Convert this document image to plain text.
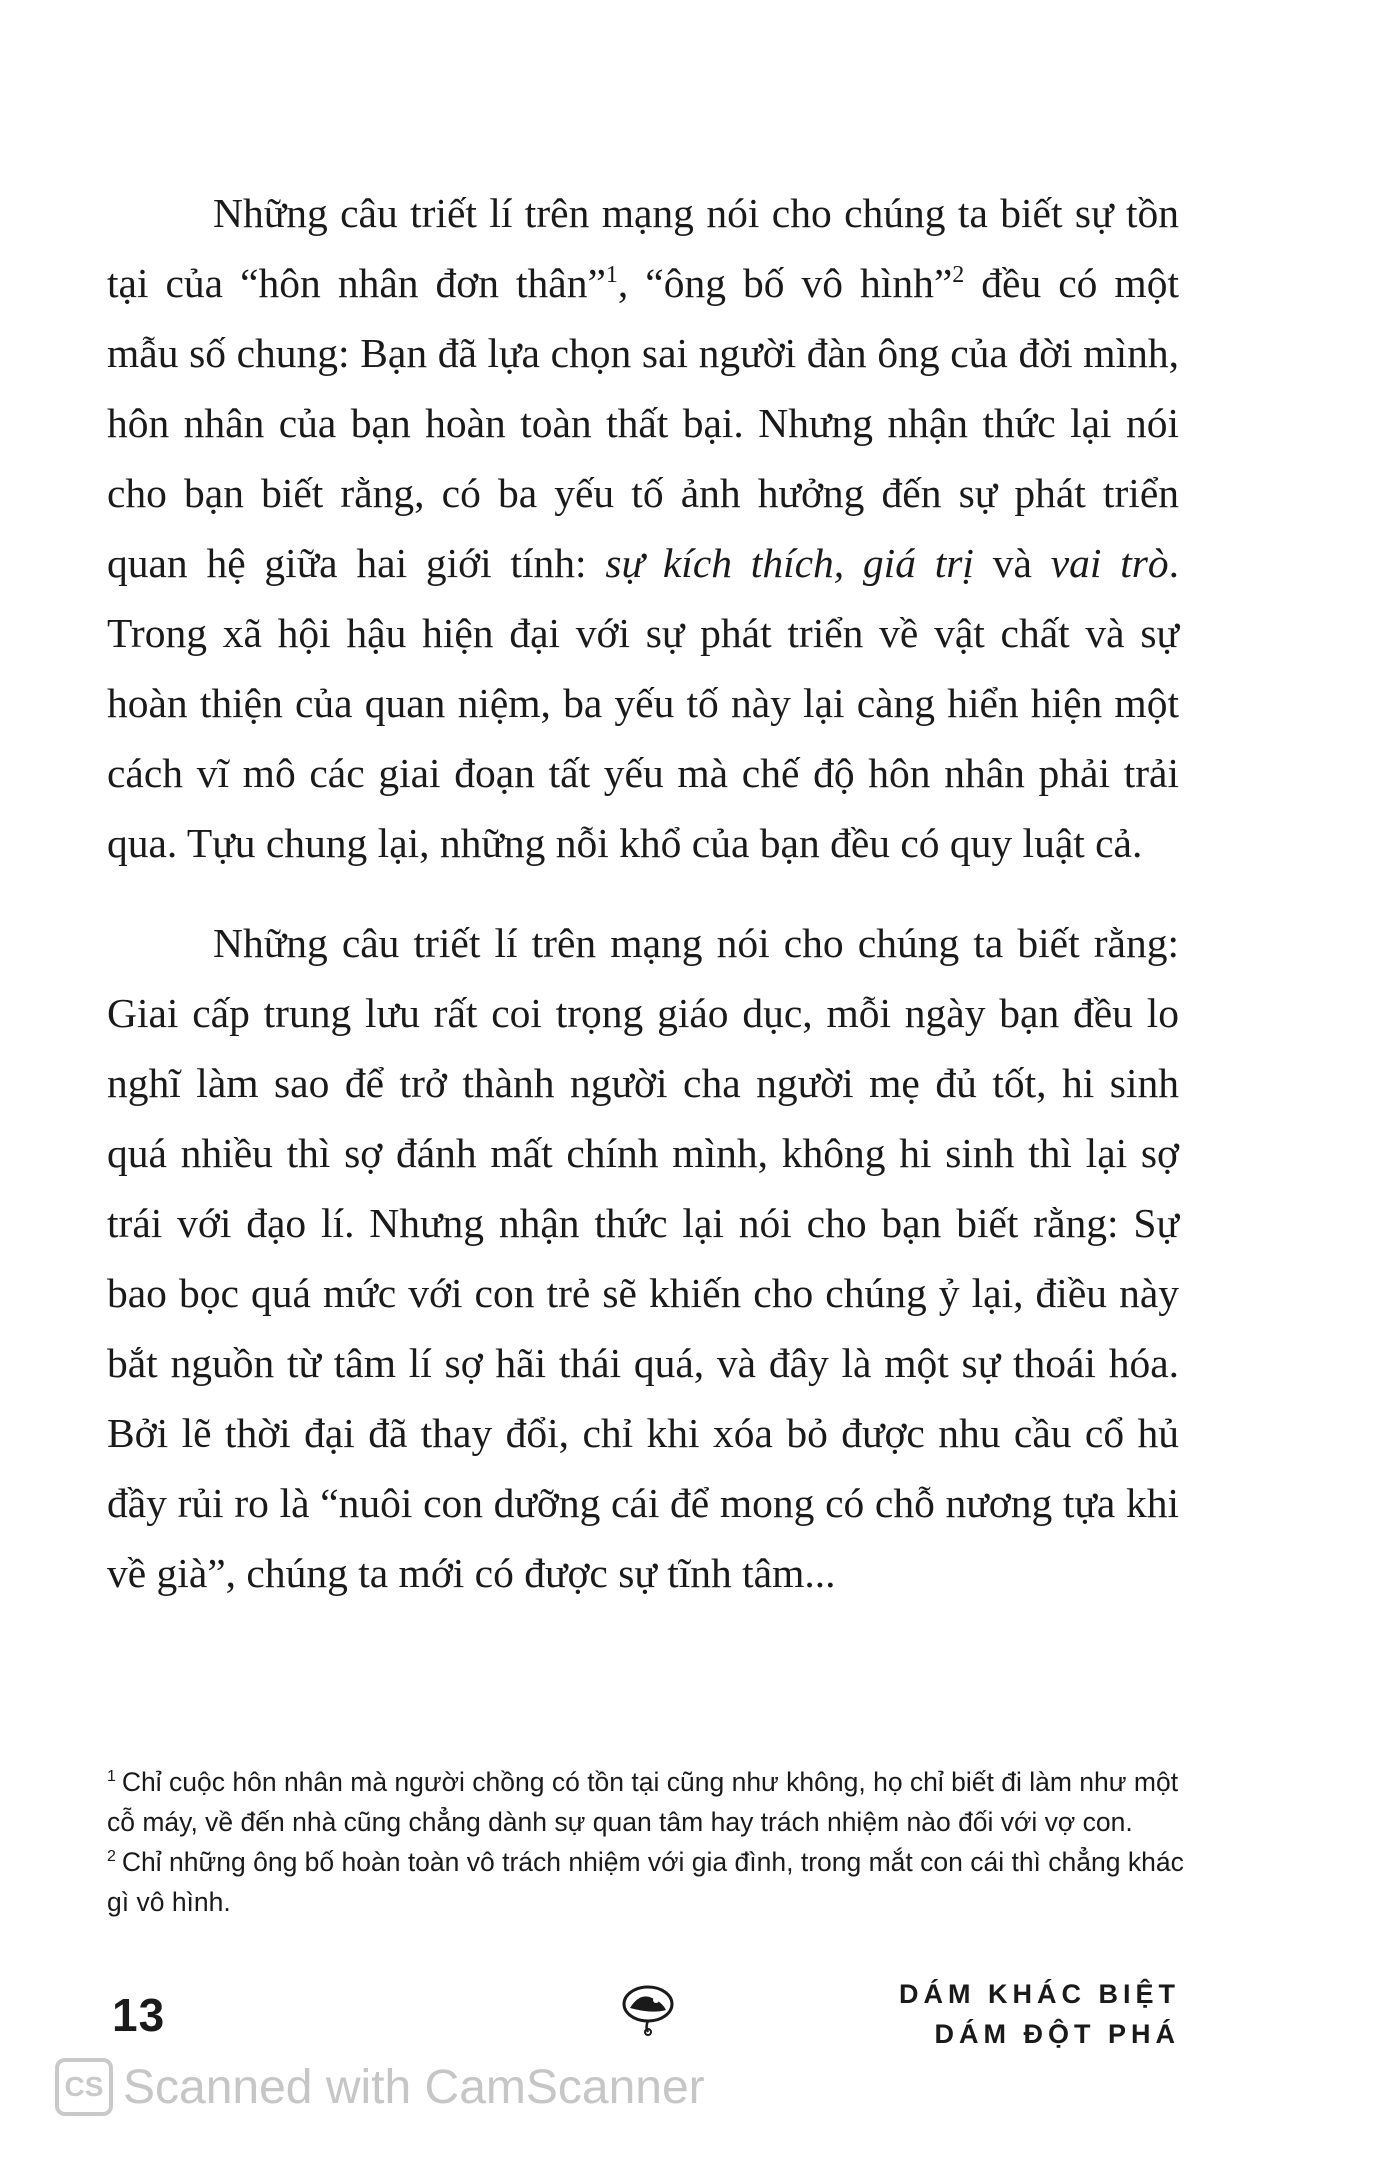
Những câu triết lí trên mạng nói cho chúng ta biết sự tồn tại của “hôn nhân đơn thân”$^1$, “ông bố vô hình”$^2$ đều có một mẫu số chung: Bạn đã lựa chọn sai người đàn ông của đời mình, hôn nhân của bạn hoàn toàn thất bại. Nhưng nhận thức lại nói cho bạn biết rằng, có ba yếu tố ảnh hưởng đến sự phát triển quan hệ giữa hai giới tính: sự kích thích, giá trị và vai trò. Trong xã hội hậu hiện đại với sự phát triển về vật chất và sự hoàn thiện của quan niệm, ba yếu tố này lại càng hiển hiện một cách vĩ mô các giai đoạn tất yếu mà chế độ hôn nhân phải trải qua. Tựu chung lại, những nỗi khổ của bạn đều có quy luật cả.

Những câu triết lí trên mạng nói cho chúng ta biết rằng: Giai cấp trung lưu rất coi trọng giáo dục, mỗi ngày bạn đều lo nghĩ làm sao để trở thành người cha người mẹ đủ tốt, hi sinh quá nhiều thì sợ đánh mất chính mình, không hi sinh thì lại sợ trái với đạo lí. Nhưng nhận thức lại nói cho bạn biết rằng: Sự bao bọc quá mức với con trẻ sẽ khiến cho chúng ỷ lại, điều này bắt nguồn từ tâm lí sợ hãi thái quá, và đây là một sự thoái hóa. Bởi lẽ thời đại đã thay đổi, chỉ khi xóa bỏ được nhu cầu cổ hủ đầy rủi ro là “nuôi con dưỡng cái để mong có chỗ nương tựa khi về già”, chúng ta mới có được sự tĩnh tâm...

$^1$ Chỉ cuộc hôn nhân mà người chồng có tồn tại cũng như không, họ chỉ biết đi làm như một cỗ máy, về đến nhà cũng chẳng dành sự quan tâm hay trách nhiệm nào đối với vợ con.

$^2$ Chỉ những ông bố hoàn toàn vô trách nhiệm với gia đình, trong mắt con cái thì chẳng khác gì vô hình.

13	DÁM KHÁC BIỆT
DÁM ĐỘT PHÁ
CS Scanned with CamScanner
